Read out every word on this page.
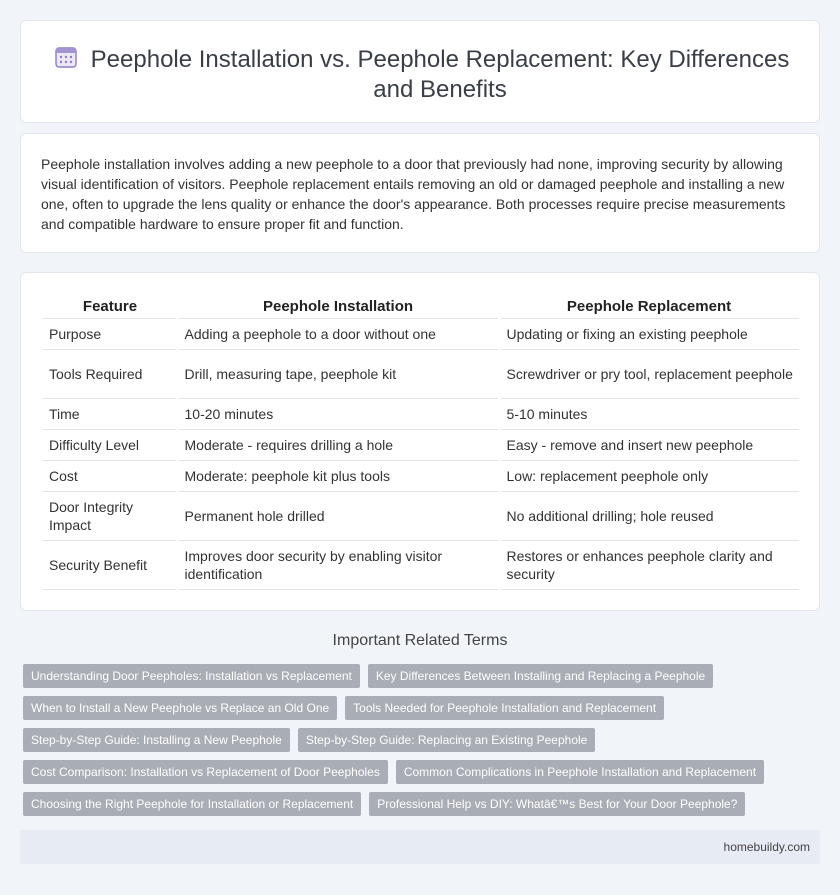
Peephole Installation vs. Peephole Replacement: Key Differences and Benefits

Peephole installation involves adding a new peephole to a door that previously had none, improving security by allowing visual identification of visitors. Peephole replacement entails removing an old or damaged peephole and installing a new one, often to upgrade the lens quality or enhance the door's appearance. Both processes require precise measurements and compatible hardware to ensure proper fit and function.

Feature	Peephole Installation	Peephole Replacement
Purpose	Adding a peephole to a door without one	Updating or fixing an existing peephole
Tools Required	Drill, measuring tape, peephole kit	Screwdriver or pry tool, replacement peephole
Time	10-20 minutes	5-10 minutes
Difficulty Level	Moderate - requires drilling a hole	Easy - remove and insert new peephole
Cost	Moderate: peephole kit plus tools	Low: replacement peephole only
Door Integrity Impact	Permanent hole drilled	No additional drilling; hole reused
Security Benefit	Improves door security by enabling visitor identification	Restores or enhances peephole clarity and security
Important Related Terms
Understanding Door Peepholes: Installation vs Replacement	Key Differences Between Installing and Replacing a Peephole
When to Install a New Peephole vs Replace an Old One	Tools Needed for Peephole Installation and Replacement
Step-by-Step Guide: Installing a New Peephole	Step-by-Step Guide: Replacing an Existing Peephole
Cost Comparison: Installation vs Replacement of Door Peepholes	Common Complications in Peephole Installation and Replacement
Choosing the Right Peephole for Installation or Replacement	Professional Help vs DIY: Whatâ€™s Best for Your Door Peephole?
homebuildy.com
